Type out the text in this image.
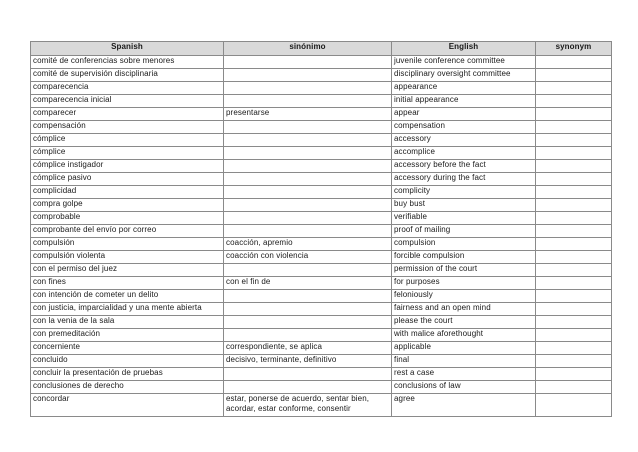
Spanish	sinónimo	English	synonym
comité de conferencias sobre menores		juvenile conference committee	
comité de supervisión disciplinaria		disciplinary oversight committee	
comparecencia		appearance	
comparecencia inicial		initial appearance	
comparecer	presentarse	appear	
compensación		compensation	
cómplice		accessory	
cómplice		accomplice	
cómplice instigador		accessory before the fact	
cómplice pasivo		accessory during the fact	
complicidad		complicity	
compra golpe		buy bust	
comprobable		verifiable	
comprobante del envío por correo		proof of mailing	
compulsión	coacción, apremio	compulsion	
compulsión violenta	coacción con violencia	forcible compulsion	
con el permiso del juez		permission of the court	
con fines	con el fin de	for purposes	
con intención de cometer un delito		feloniously	
con justicia, imparcialidad y una mente abierta		fairness and an open mind	
con la venia de la sala		please the court	
con premeditación		with malice aforethought	
concerniente	correspondiente, se aplica	applicable	
concluido	decisivo, terminante, definitivo	final	
concluir la presentación de pruebas		rest a case	
conclusiones de derecho		conclusions of law	
concordar	estar, ponerse de acuerdo, sentar bien, acordar, estar conforme, consentir	agree	
